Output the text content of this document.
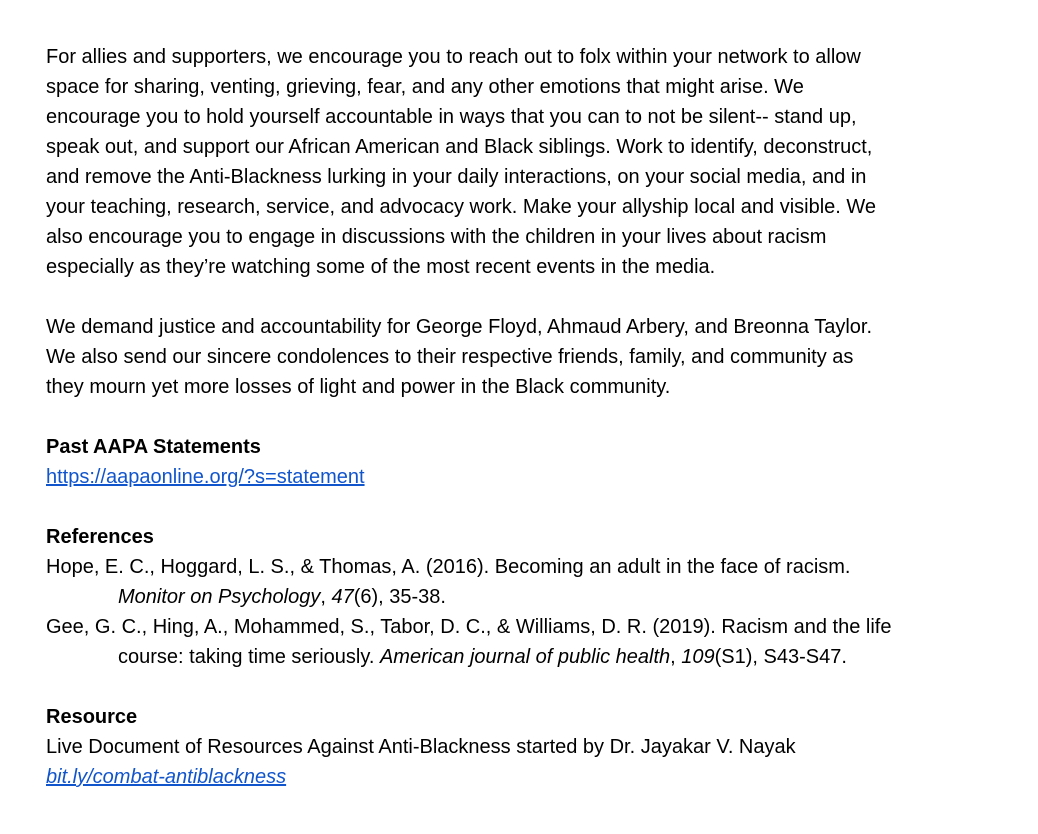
For allies and supporters, we encourage you to reach out to folx within your network to allow

space for sharing, venting, grieving, fear, and any other emotions that might arise. We

encourage you to hold yourself accountable in ways that you can to not be silent-- stand up,

speak out, and support our African American and Black siblings. Work to identify, deconstruct,

and remove the Anti-Blackness lurking in your daily interactions, on your social media, and in

your teaching, research, service, and advocacy work. Make your allyship local and visible. We

also encourage you to engage in discussions with the children in your lives about racism

especially as they’re watching some of the most recent events in the media.

We demand justice and accountability for George Floyd, Ahmaud Arbery, and Breonna Taylor.

We also send our sincere condolences to their respective friends, family, and community as

they mourn yet more losses of light and power in the Black community.

Past AAPA Statements

https://aapaonline.org/?s=statement

References

Hope, E. C., Hoggard, L. S., & Thomas, A. (2016). Becoming an adult in the face of racism.
Monitor on Psychology, 47(6), 35-38.
Gee, G. C., Hing, A., Mohammed, S., Tabor, D. C., & Williams, D. R. (2019). Racism and the life
course: taking time seriously. American journal of public health, 109(S1), S43-S47.

Resource

Live Document of Resources Against Anti-Blackness started by Dr. Jayakar V. Nayak

bit.ly/combat-antiblackness
